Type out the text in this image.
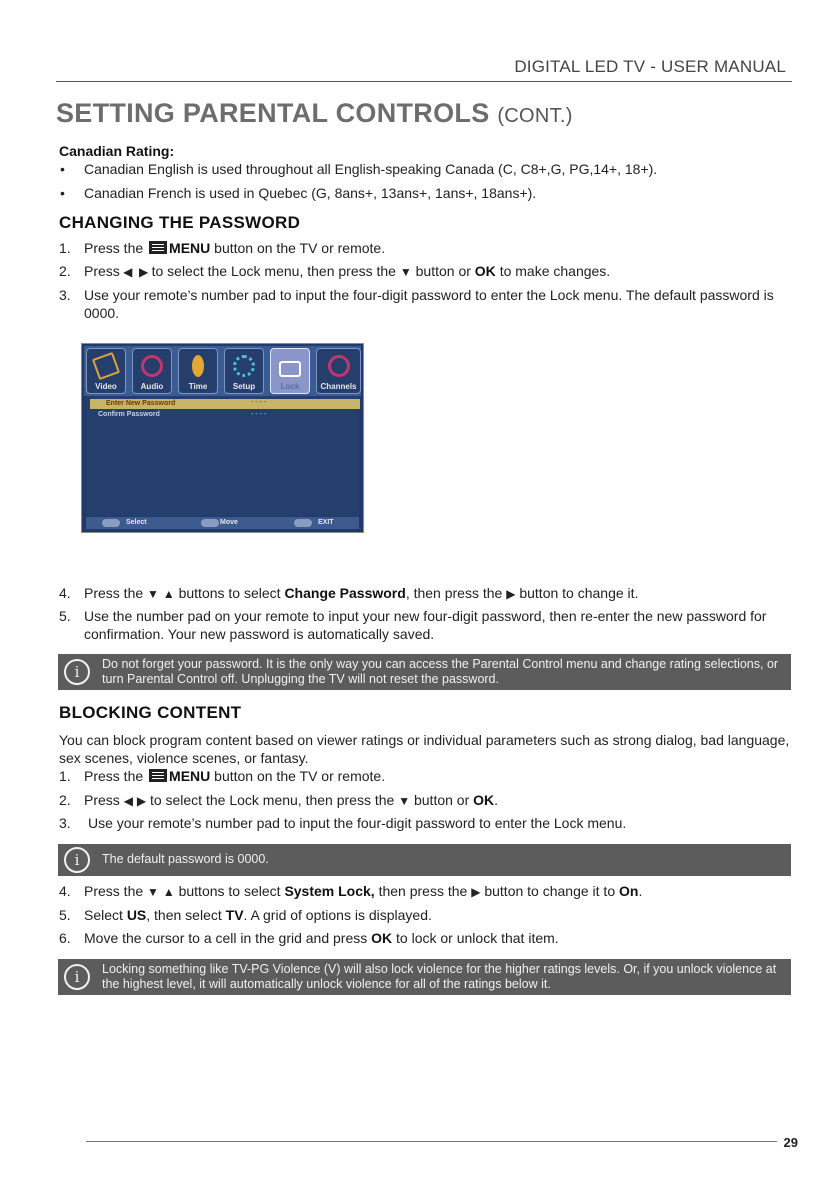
DIGITAL LED TV - USER MANUAL
SETTING PARENTAL CONTROLS (CONT.)
Canadian Rating:
• Canadian English is used throughout all English-speaking Canada (C, C8+,G, PG,14+, 18+).
• Canadian French is used in Quebec (G, 8ans+, 13ans+, 1ans+, 18ans+).
CHANGING THE PASSWORD
1. Press the MENU button on the TV or remote.
2. Press ◀  ▶ to select the Lock menu, then press the ▼ button or OK to make changes.
3. Use your remote’s number pad to input the four-digit password to enter the Lock menu. The default password is 0000.
Video	Audio	Time	Setup	Lock	Channels
Enter New Password	- - - -
Confirm Password	- - - -
Select	Move	EXIT
4. Press the ▼ ▲ buttons to select Change Password, then press the ▶ button to change it.
5. Use the number pad on your remote to input your new four-digit password, then re-enter the new password for confirmation. Your new password is automatically saved.
i	Do not forget your password. It is the only way you can access the Parental Control menu and change rating selections, or turn Parental Control off. Unplugging the TV will not reset the password.
BLOCKING CONTENT
You can block program content based on viewer ratings or individual parameters such as strong dialog, bad language, sex scenes, violence scenes, or fantasy.
1. Press the MENU button on the TV or remote.
2. Press ◀ ▶ to select the Lock menu, then press the ▼ button or OK.
3. Use your remote’s number pad to input the four-digit password to enter the Lock menu.
i	The default password is 0000.
4. Press the ▼ ▲ buttons to select System Lock, then press the ▶ button to change it to On.
5. Select US, then select TV. A grid of options is displayed.
6. Move the cursor to a cell in the grid and press OK to lock or unlock that item.
i	Locking something like TV-PG Violence (V) will also lock violence for the higher ratings levels. Or, if you unlock violence at the highest level, it will automatically unlock violence for all of the ratings below it.
29
